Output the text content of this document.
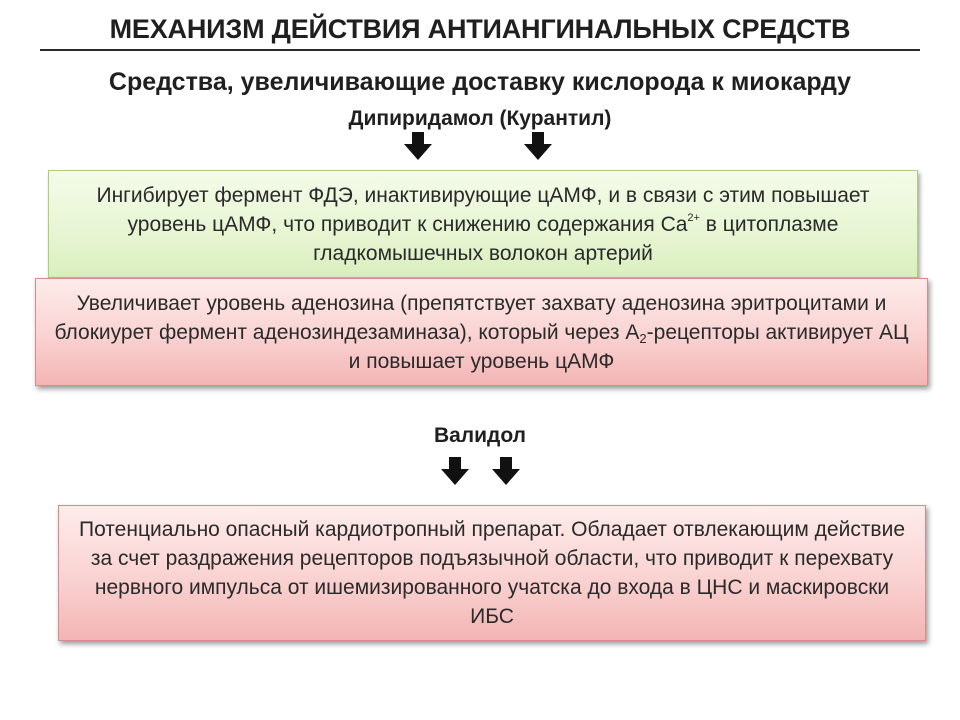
МЕХАНИЗМ ДЕЙСТВИЯ АНТИАНГИНАЛЬНЫХ СРЕДСТВ
Средства, увеличивающие доставку кислорода к миокарду
Дипиридамол (Курантил)
Ингибирует фермент ФДЭ, инактивирующие цАМФ, и в связи с этим повышает уровень цАМФ, что приводит к снижению содержания $Ca^{2+}$ в цитоплазме гладкомышечных волокон артерий
Увеличивает уровень аденозина (препятствует захвату аденозина эритроцитами и блокиурет фермент аденозиндезаминаза), который через $А_2$-рецепторы активирует АЦ и повышает уровень цАМФ
Валидол
Потенциально опасный кардиотропный препарат. Обладает отвлекающим действие за счет раздражения рецепторов подъязычной области, что приводит к перехвату нервного импульса от ишемизированного учатска до входа в ЦНС и маскировски ИБС
